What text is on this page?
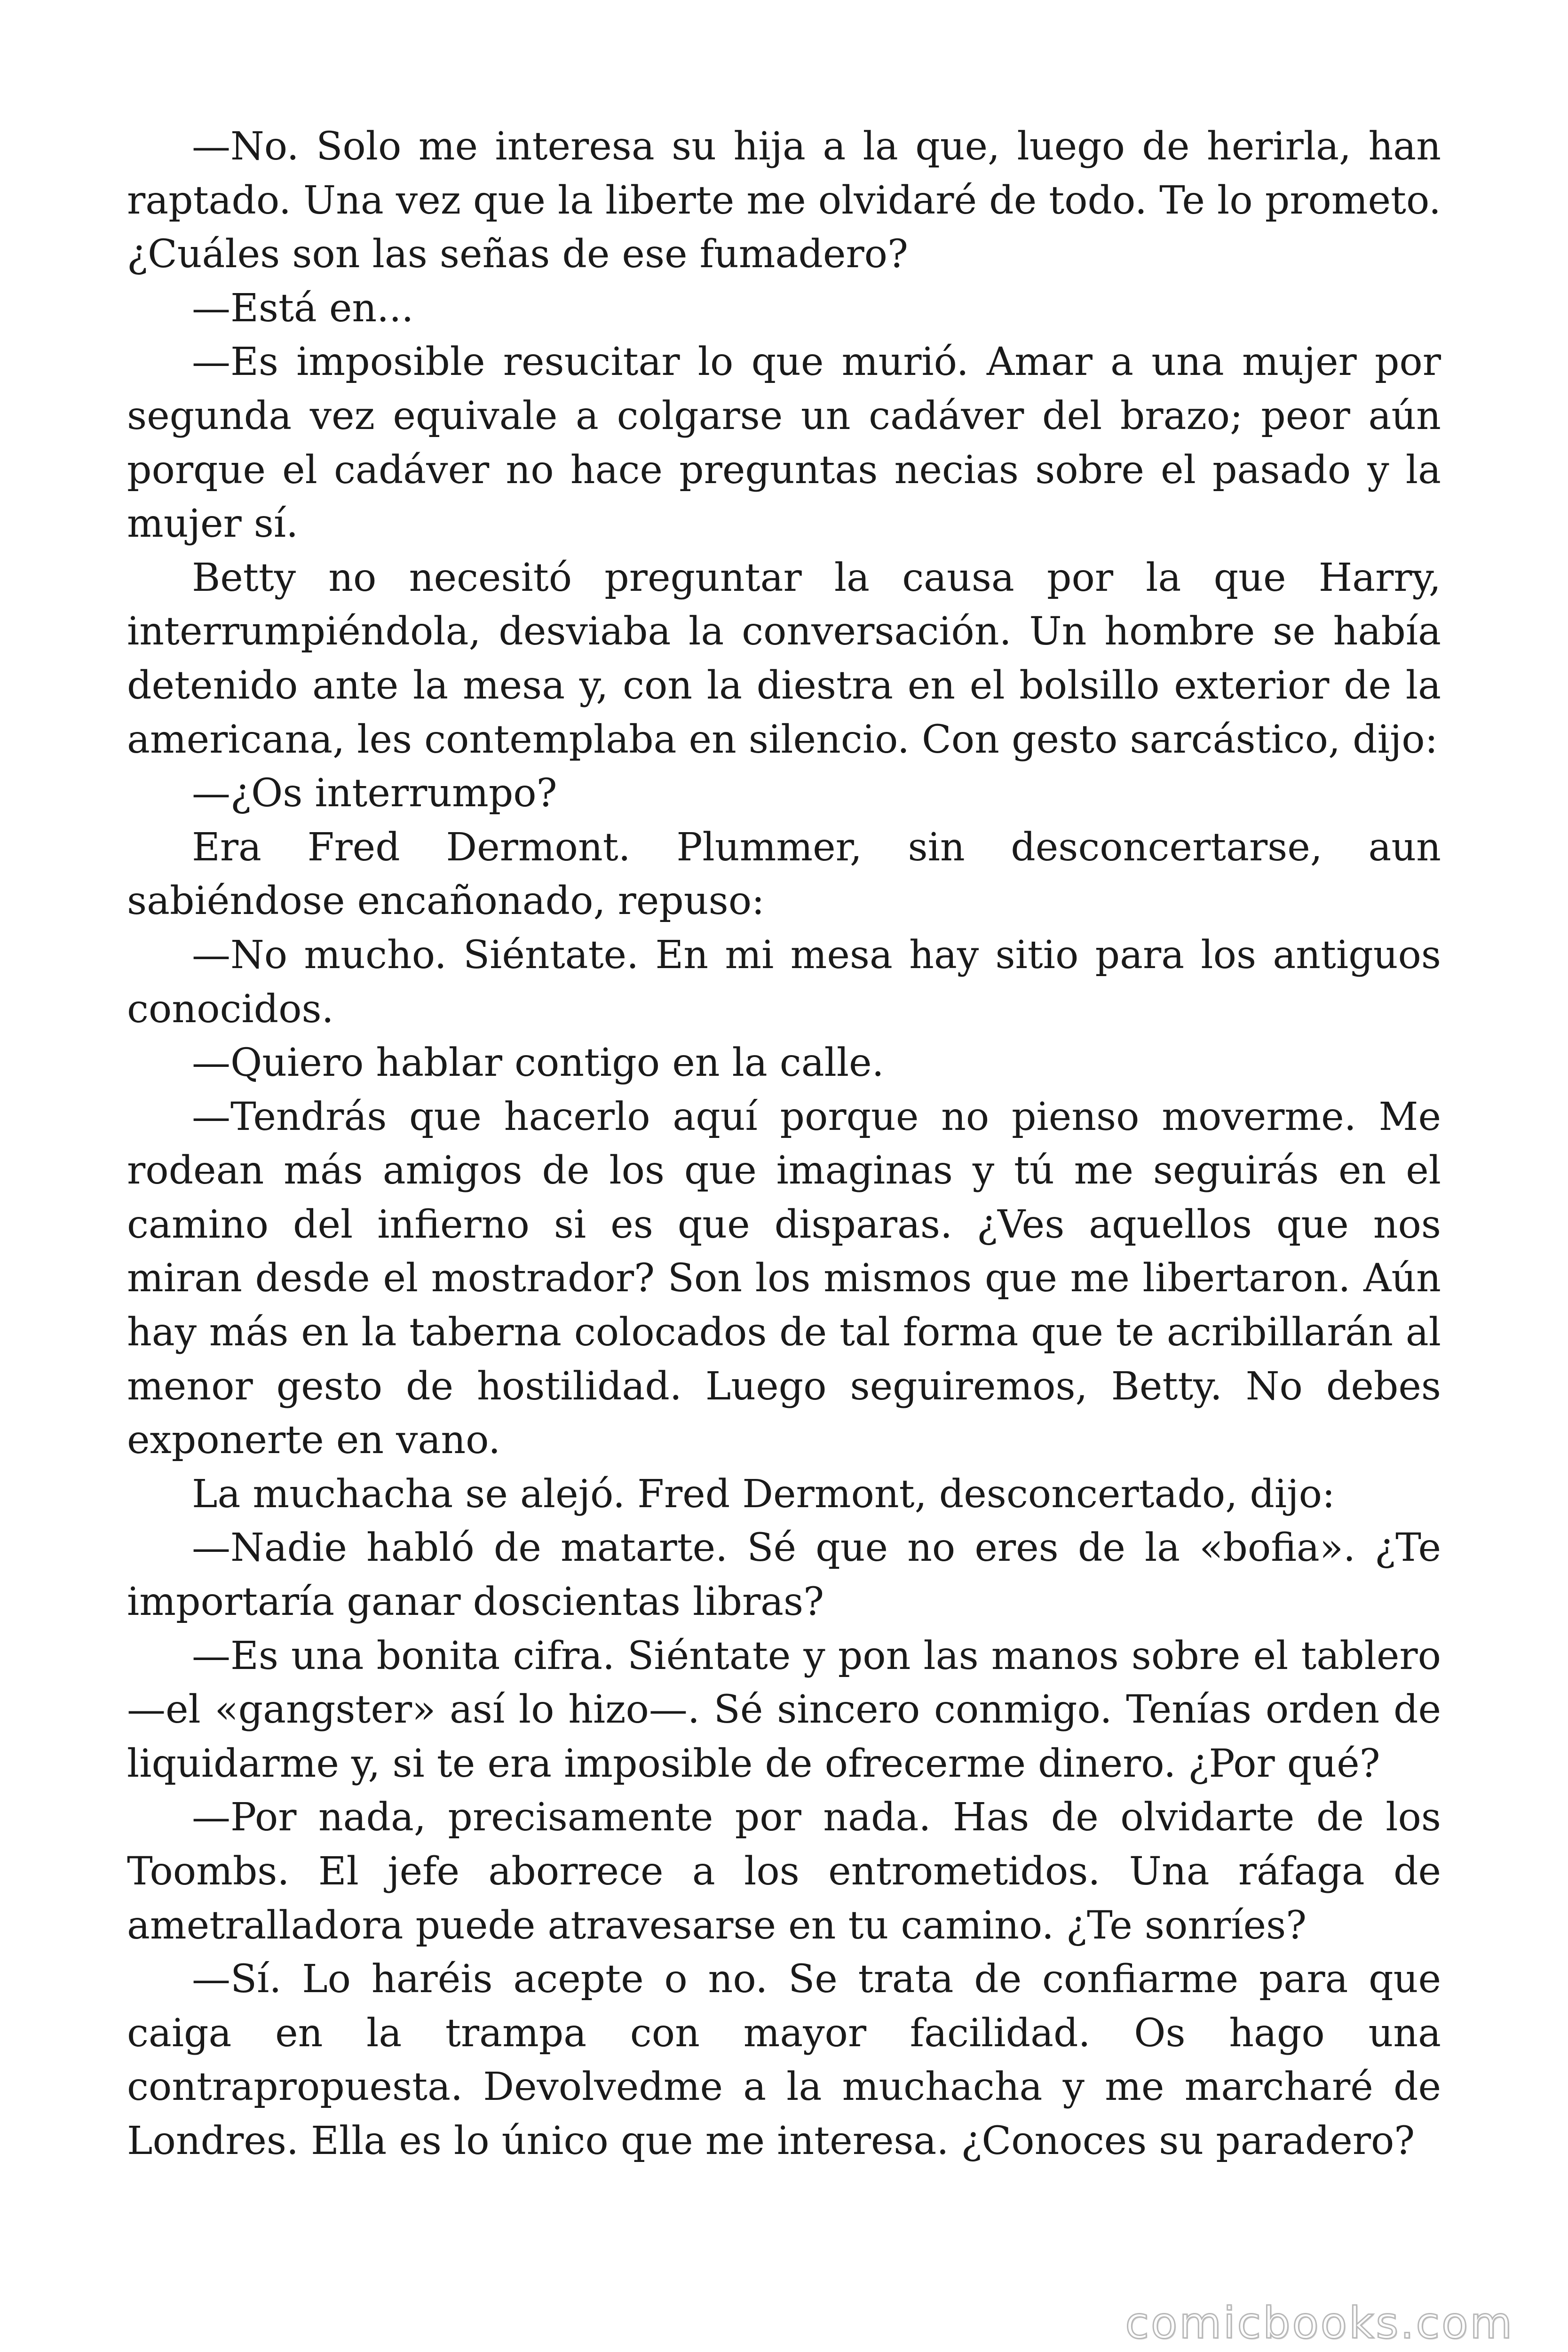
—No. Solo me interesa su hija a la que, luego de herirla, han raptado. Una vez que la liberte me olvidaré de todo. Te lo prometo. ¿Cuáles son las señas de ese fumadero?

—Está en...

—Es imposible resucitar lo que murió. Amar a una mujer por segunda vez equivale a colgarse un cadáver del brazo; peor aún porque el cadáver no hace preguntas necias sobre el pasado y la mujer sí.

Betty no necesitó preguntar la causa por la que Harry, interrumpiéndola, desviaba la conversación. Un hombre se había detenido ante la mesa y, con la diestra en el bolsillo exterior de la americana, les contemplaba en silencio. Con gesto sarcástico, dijo:

—¿Os interrumpo?

Era Fred Dermont. Plummer, sin desconcertarse, aun sabiéndose encañonado, repuso:

—No mucho. Siéntate. En mi mesa hay sitio para los antiguos conocidos.

—Quiero hablar contigo en la calle.

—Tendrás que hacerlo aquí porque no pienso moverme. Me rodean más amigos de los que imaginas y tú me seguirás en el camino del infierno si es que disparas. ¿Ves aquellos que nos miran desde el mostrador? Son los mismos que me libertaron. Aún hay más en la taberna colocados de tal forma que te acribillarán al menor gesto de hostilidad. Luego seguiremos, Betty. No debes exponerte en vano.

La muchacha se alejó. Fred Dermont, desconcertado, dijo:

—Nadie habló de matarte. Sé que no eres de la «bofia». ¿Te importaría ganar doscientas libras?

—Es una bonita cifra. Siéntate y pon las manos sobre el tablero —el «gangster» así lo hizo—. Sé sincero conmigo. Tenías orden de liquidarme y, si te era imposible de ofrecerme dinero. ¿Por qué?

—Por nada, precisamente por nada. Has de olvidarte de los Toombs. El jefe aborrece a los entrometidos. Una ráfaga de ametralladora puede atravesarse en tu camino. ¿Te sonríes?

—Sí. Lo haréis acepte o no. Se trata de confiarme para que caiga en la trampa con mayor facilidad. Os hago una contrapropuesta. Devolvedme a la muchacha y me marcharé de Londres. Ella es lo único que me interesa. ¿Conoces su paradero?

comicbooks.com
